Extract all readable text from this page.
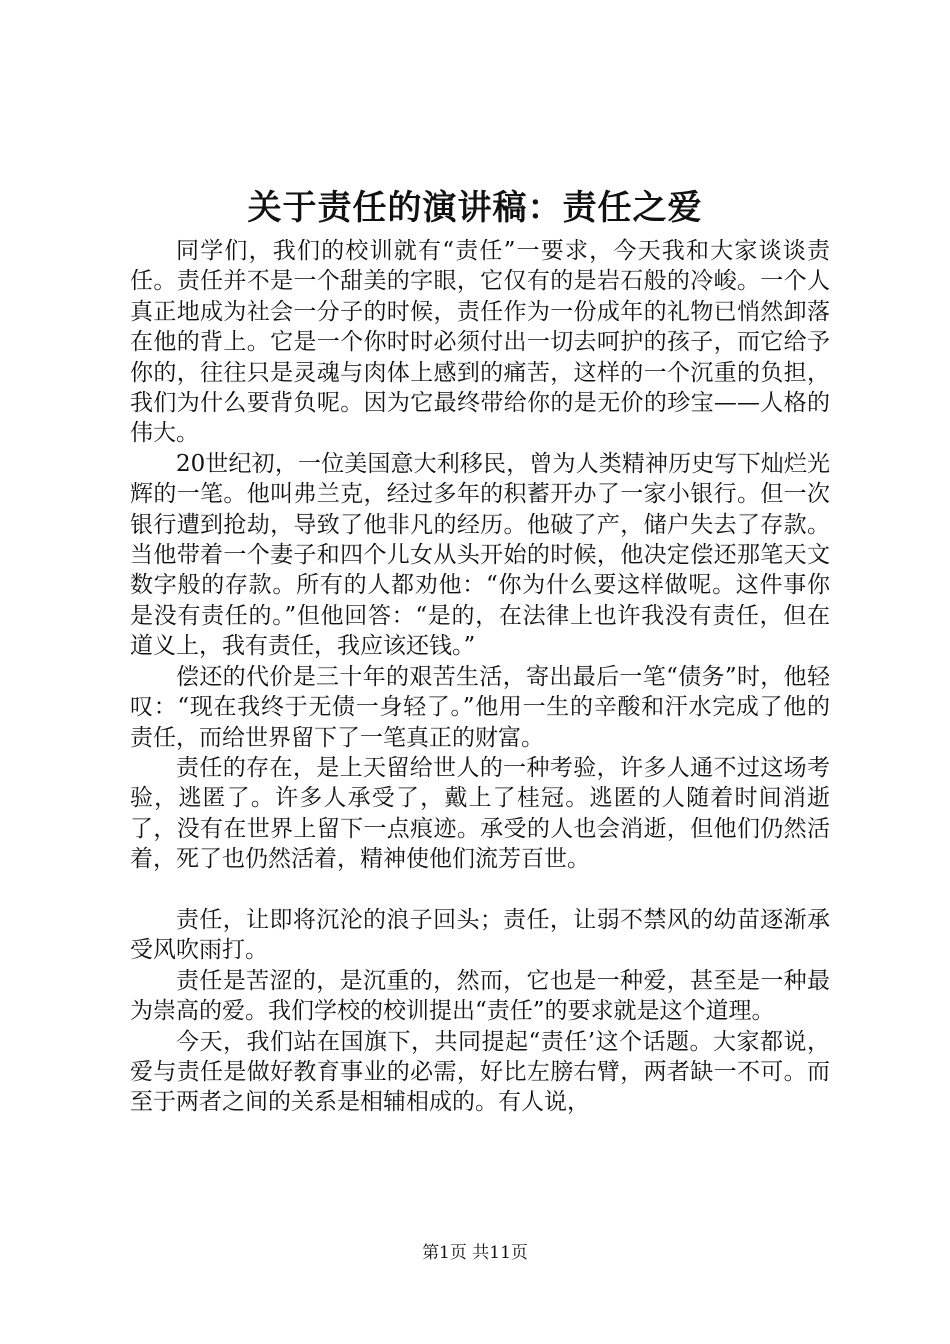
关于责任的演讲稿：责任之爱

同学们，我们的校训就有“责任”一要求，今天我和大家谈谈责任。责任并不是一个甜美的字眼，它仅有的是岩石般的冷峻。一个人真正地成为社会一分子的时候，责任作为一份成年的礼物已悄然卸落在他的背上。它是一个你时时必须付出一切去呵护的孩子，而它给予你的，往往只是灵魂与肉体上感到的痛苦，这样的一个沉重的负担，我们为什么要背负呢。因为它最终带给你的是无价的珍宝——人格的伟大。

20世纪初，一位美国意大利移民，曾为人类精神历史写下灿烂光辉的一笔。他叫弗兰克，经过多年的积蓄开办了一家小银行。但一次银行遭到抢劫，导致了他非凡的经历。他破了产，储户失去了存款。当他带着一个妻子和四个儿女从头开始的时候，他决定偿还那笔天文数字般的存款。所有的人都劝他：“你为什么要这样做呢。这件事你是没有责任的。”但他回答：“是的，在法律上也许我没有责任，但在道义上，我有责任，我应该还钱。”

偿还的代价是三十年的艰苦生活，寄出最后一笔“债务”时，他轻叹：“现在我终于无债一身轻了。”他用一生的辛酸和汗水完成了他的责任，而给世界留下了一笔真正的财富。

责任的存在，是上天留给世人的一种考验，许多人通不过这场考验，逃匿了。许多人承受了，戴上了桂冠。逃匿的人随着时间消逝了，没有在世界上留下一点痕迹。承受的人也会消逝，但他们仍然活着，死了也仍然活着，精神使他们流芳百世。

责任，让即将沉沦的浪子回头；责任，让弱不禁风的幼苗逐渐承受风吹雨打。

责任是苦涩的，是沉重的，然而，它也是一种爱，甚至是一种最为崇高的爱。我们学校的校训提出“责任”的要求就是这个道理。

今天，我们站在国旗下，共同提起“责任’这个话题。大家都说，爱与责任是做好教育事业的必需，好比左膀右臂，两者缺一不可。而至于两者之间的关系是相辅相成的。有人说，

第1页 共11页
